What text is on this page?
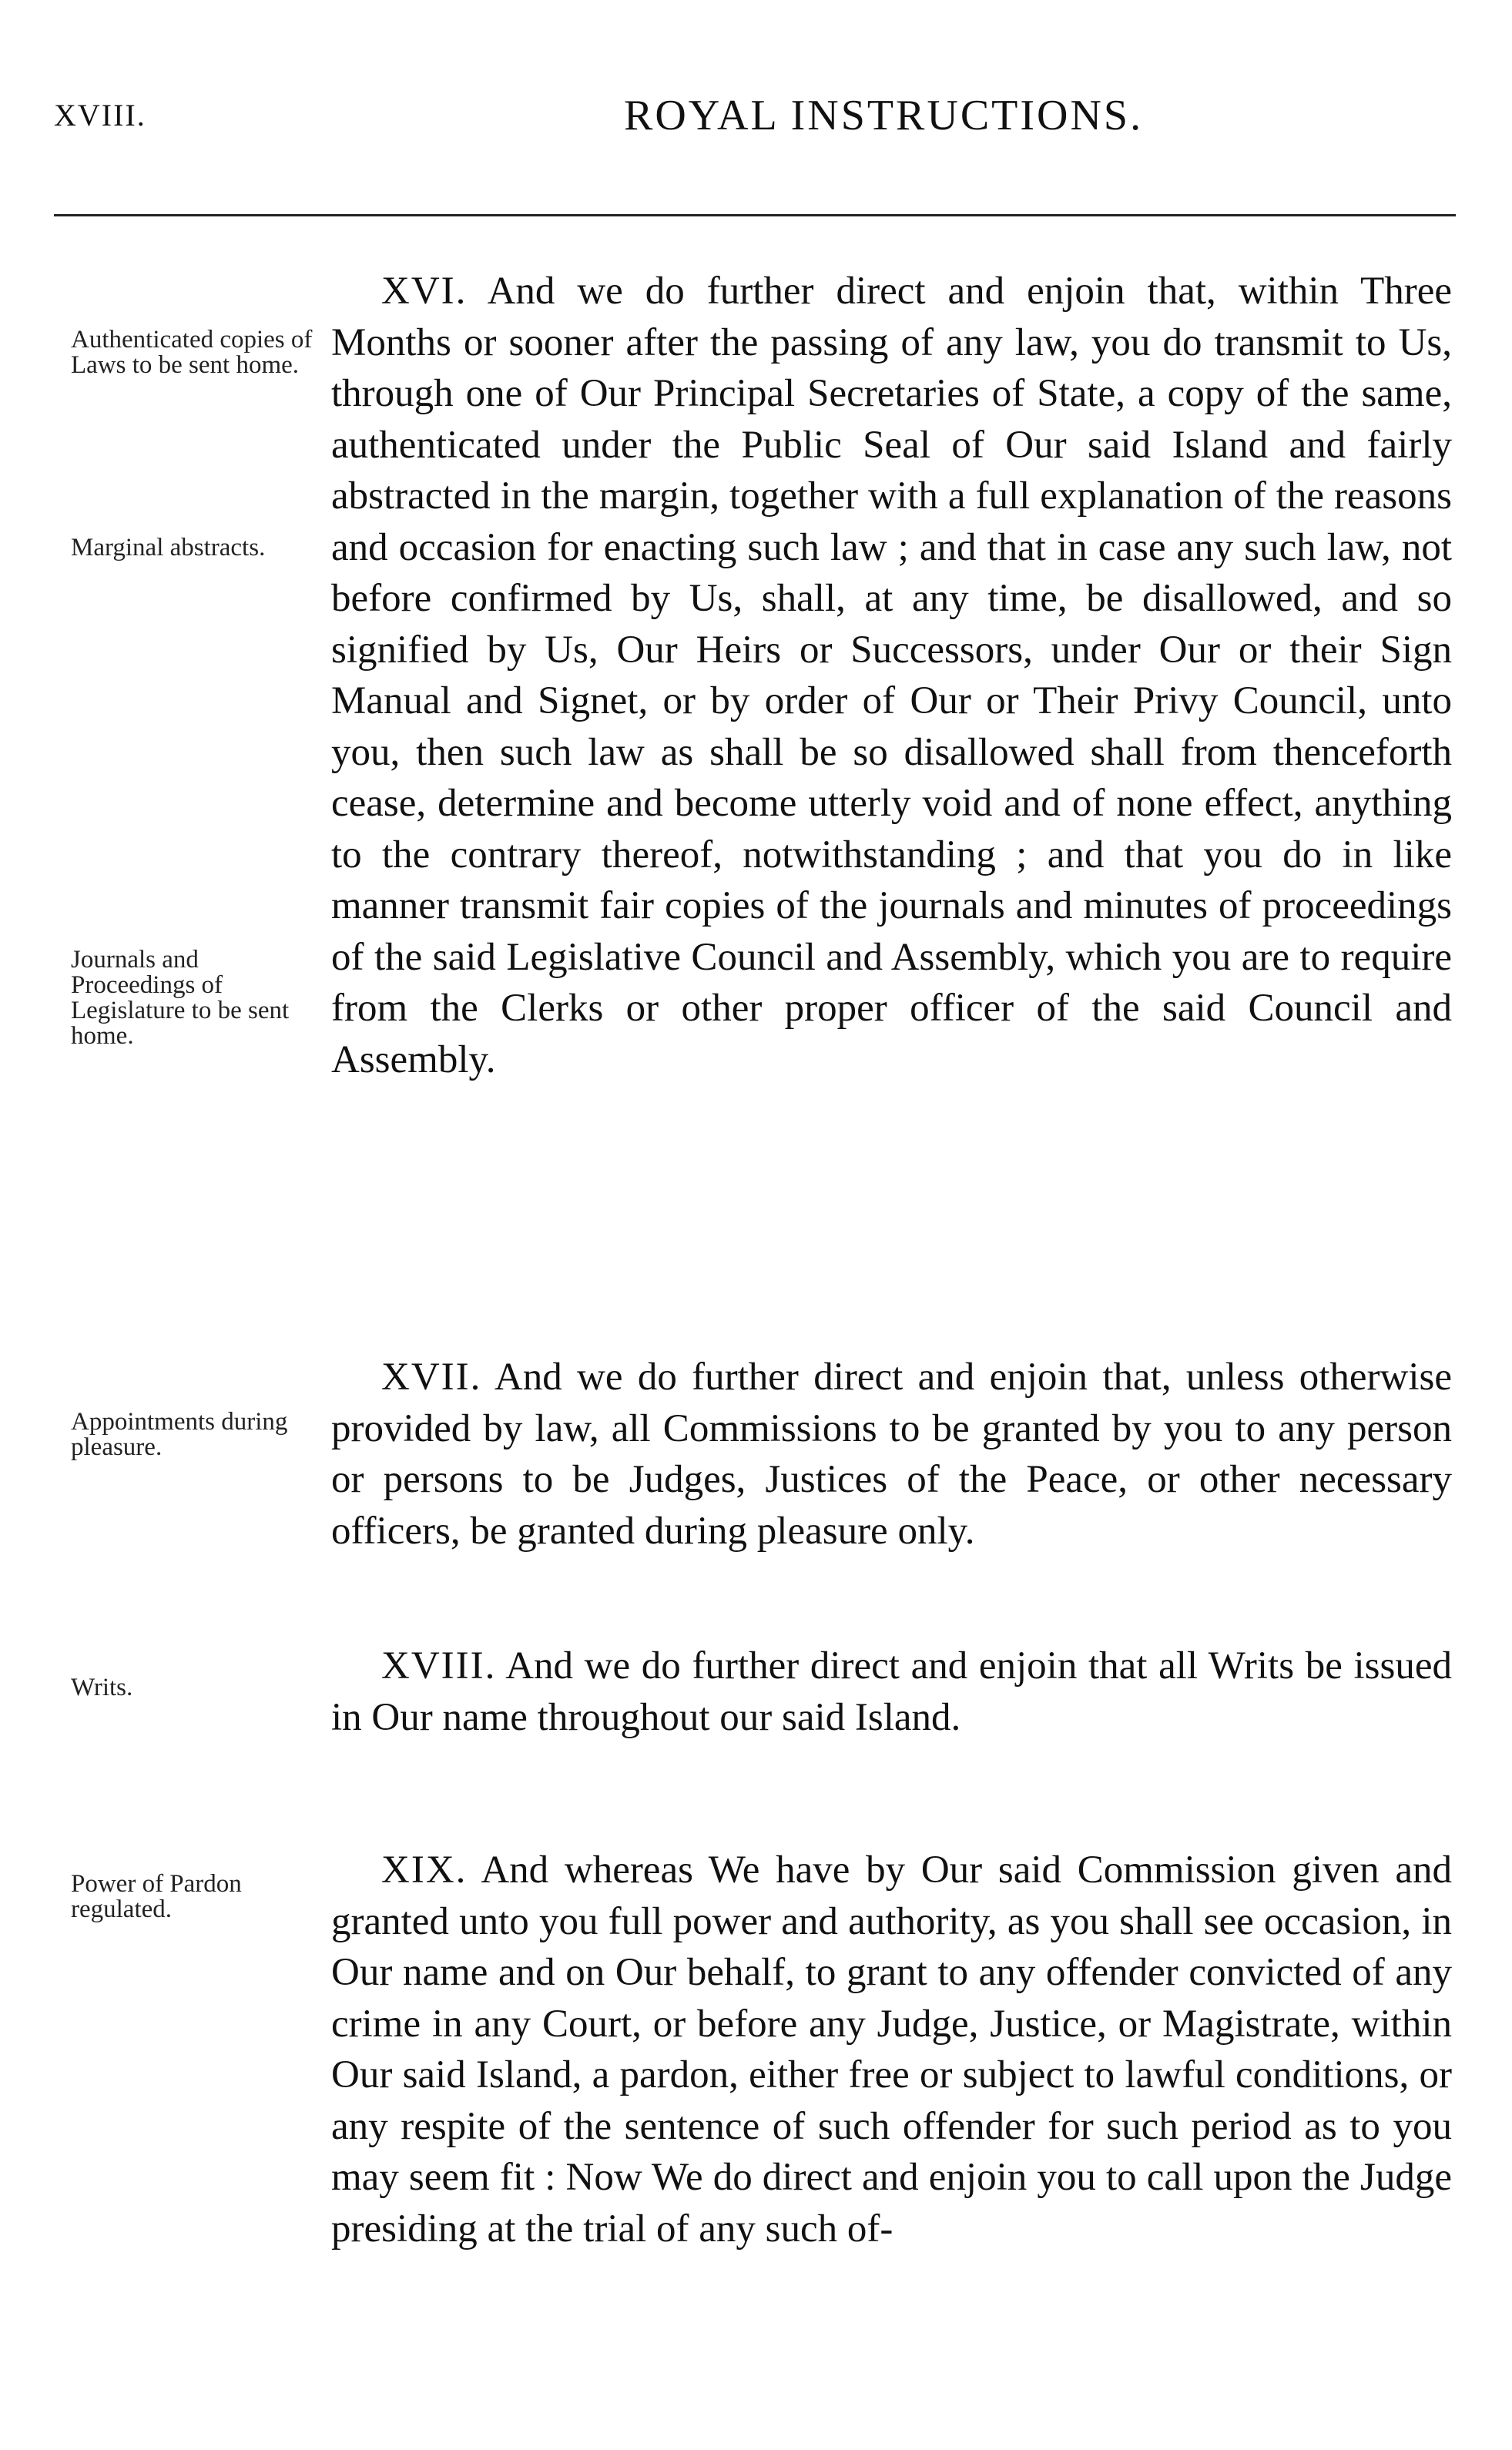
XVIII.	ROYAL INSTRUCTIONS.
Authenticated copies of Laws to be sent home.
Marginal abstracts.
Journals and Proceedings of Legislature to be sent home.
Appointments during pleasure.
Writs.
Power of Pardon regulated.
XVI. And we do further direct and enjoin that, within Three Months or sooner after the passing of any law, you do transmit to Us, through one of Our Principal Secretaries of State, a copy of the same, authenticated under the Public Seal of Our said Island and fairly abstracted in the margin, together with a full explanation of the reasons and occasion for enacting such law ; and that in case any such law, not before confirmed by Us, shall, at any time, be disallowed, and so signified by Us, Our Heirs or Successors, under Our or their Sign Manual and Signet, or by order of Our or Their Privy Council, unto you, then such law as shall be so disallowed shall from thenceforth cease, determine and become utterly void and of none effect, anything to the contrary thereof, notwithstanding ; and that you do in like manner transmit fair copies of the journals and minutes of proceedings of the said Legislative Council and Assembly, which you are to require from the Clerks or other proper officer of the said Council and Assembly.
XVII. And we do further direct and enjoin that, unless otherwise provided by law, all Commissions to be granted by you to any person or persons to be Judges, Justices of the Peace, or other necessary officers, be granted during pleasure only.
XVIII. And we do further direct and enjoin that all Writs be issued in Our name throughout our said Island.
XIX. And whereas We have by Our said Commission given and granted unto you full power and authority, as you shall see occasion, in Our name and on Our behalf, to grant to any offender convicted of any crime in any Court, or before any Judge, Justice, or Magistrate, within Our said Island, a pardon, either free or subject to lawful conditions, or any respite of the sentence of such offender for such period as to you may seem fit : Now We do direct and enjoin you to call upon the Judge presiding at the trial of any such of-
